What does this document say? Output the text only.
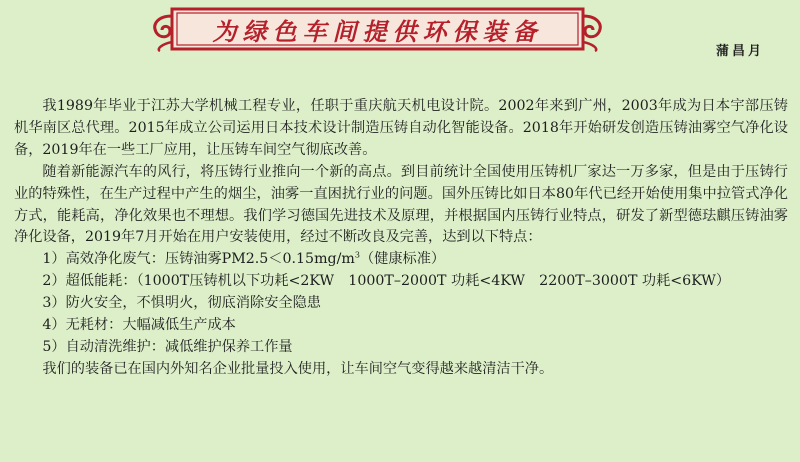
为绿色车间提供环保装备
蒲昌月

我1989年毕业于江苏大学机械工程专业，任职于重庆航天机电设计院。2002年来到广州，2003年成为日本宇部压铸机华南区总代理。2015年成立公司运用日本技术设计制造压铸自动化智能设备。2018年开始研发创造压铸油雾空气净化设备，2019年在一些工厂应用，让压铸车间空气彻底改善。

随着新能源汽车的风行，将压铸行业推向一个新的高点。到目前统计全国使用压铸机厂家达一万多家，但是由于压铸行业的特殊性，在生产过程中产生的烟尘，油雾一直困扰行业的问题。国外压铸比如日本80年代已经开始使用集中拉管式净化方式，能耗高，净化效果也不理想。我们学习德国先进技术及原理，并根据国内压铸行业特点，研发了新型德珐麒压铸油雾净化设备，2019年7月开始在用户安装使用，经过不断改良及完善，达到以下特点：

1）高效净化废气：压铸油雾$PM2.5<0.15mg/m^3$（健康标准）

2）超低能耗：（1000T压铸机以下功耗<2KW　1000T–2000T 功耗<4KW　2200T–3000T 功耗<6KW）

3）防火安全，不惧明火，彻底消除安全隐患

4）无耗材：大幅减低生产成本

5）自动清洗维护：减低维护保养工作量

我们的装备已在国内外知名企业批量投入使用，让车间空气变得越来越清洁干净。
